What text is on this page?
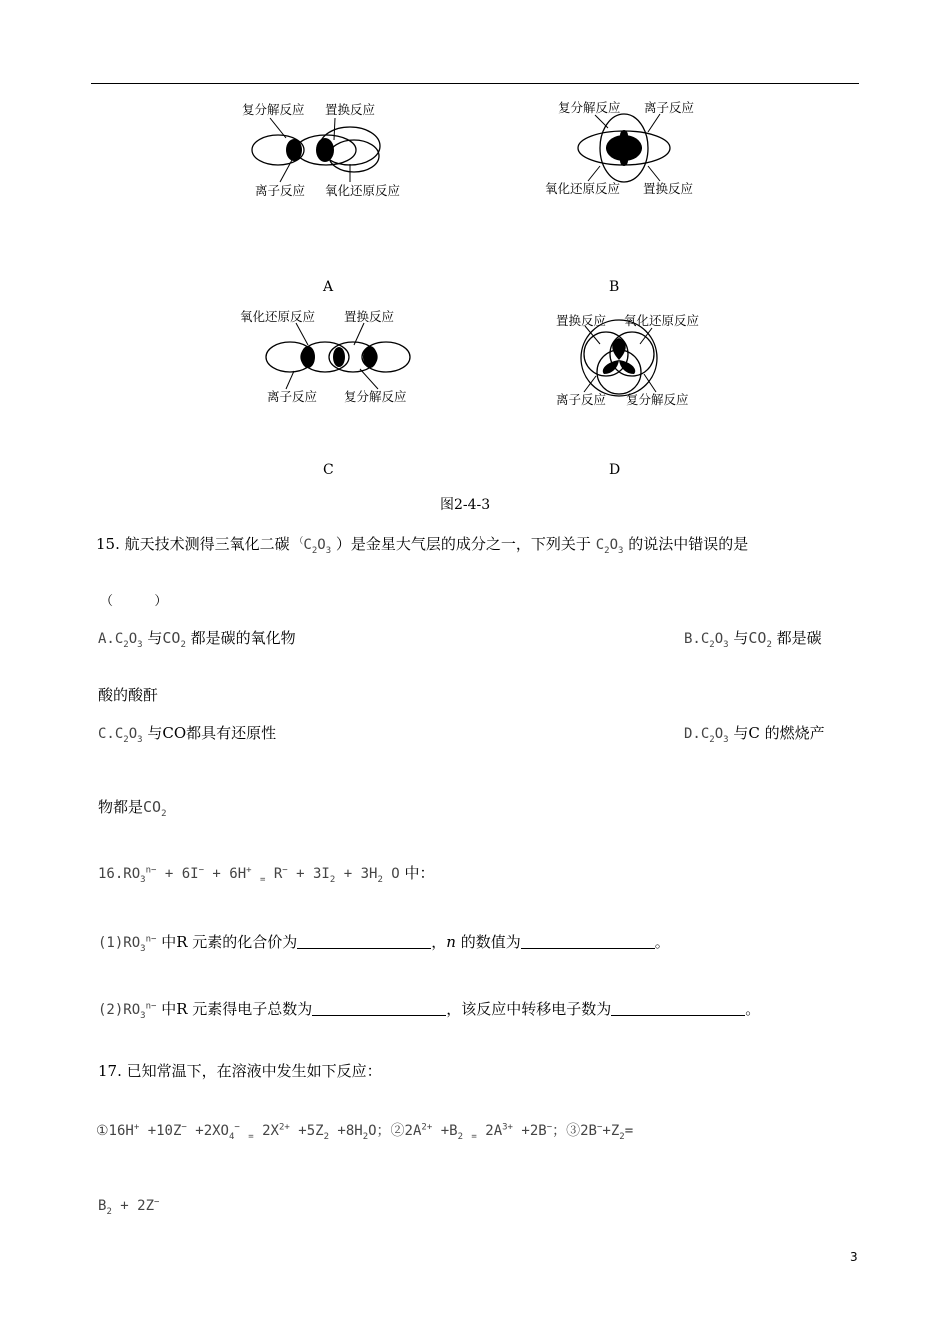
复分解反应 置换反应
离子反应 氧化还原反应
复分解反应 离子反应
氧化还原反应 置换反应
A	B
氧化还原反应 置换反应
离子反应 复分解反应
置换反应 氧化还原反应
离子反应 复分解反应
C	D
图2-4-3
15. 航天技术测得三氧化二碳 $^(C_2O_3$ ）是金星大气层的成分之一，下列关于 $C_2O_3$ 的说法中错误的是
（          ）
$A.C_2O_3$ 与$CO_2$ 都是碳的氧化物	$B.C_2O_3$ 与$CO_2$ 都是碳
酸的酸酐
$C.C_2O_3$ 与CO都具有还原性	$D.C_2O_3$ 与C 的燃烧产
物都是$CO_2$
$16.RO_3^{n-} + 6I^- + 6H^+$ $_=$ $R^- + 3I_2 + 3H_2$ O 中：
$(1)RO_3^{n-}$ 中R 元素的化合价为	，n 的数值为	。
$(2)RO_3^{n-}$ 中R 元素得电子总数为	，该反应中转移电子数为	。
17. 已知常温下，在溶液中发生如下反应：
①16H+ $+10Z^- +2XO_4^-$ $_=$ $2X^{2+} +5Z_2 +8H_2O$；$②2A^{2+} +B_2$ $_=$ $2A^{3+} +2B^-$；$③2B^-+Z_2=$
$B_2 + 2Z^-$
3
